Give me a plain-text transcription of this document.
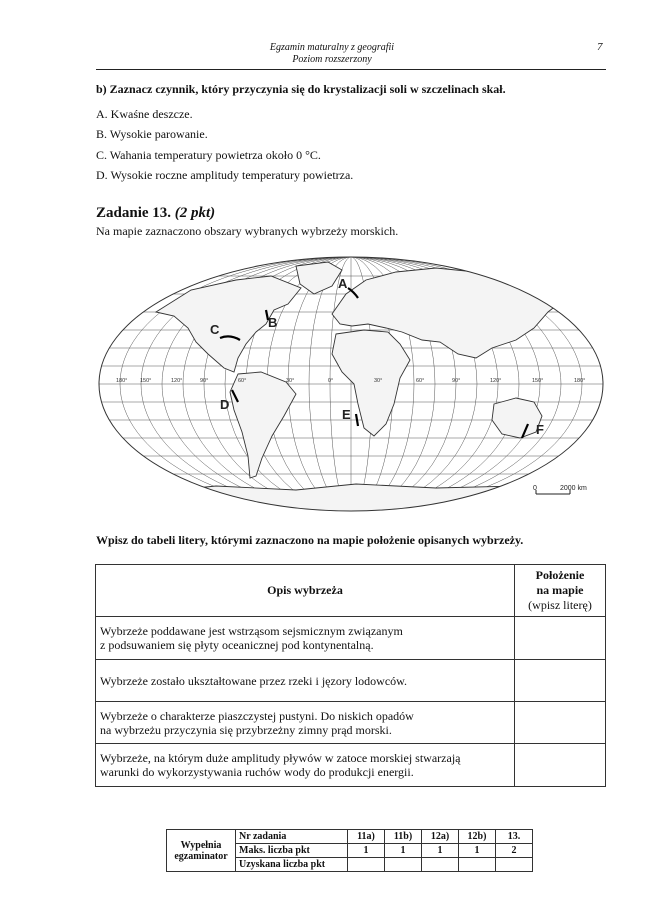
Egzamin maturalny z geografii
Poziom rozszerzony
7
b) Zaznacz czynnik, który przyczynia się do krystalizacji soli w szczelinach skał.
A. Kwaśne deszcze.
B. Wysokie parowanie.
C. Wahania temperatury powietrza około 0 °C.
D. Wysokie roczne amplitudy temperatury powietrza.
Zadanie 13. (2 pkt)
Na mapie zaznaczono obszary wybranych wybrzeży morskich.
180° 150°	120°	90°	60°	30°	0°	30°	60°	90°	120°	150°	180°
A
B
C
D
E
F
0	2000 km
Wpisz do tabeli litery, którymi zaznaczono na mapie położenie opisanych wybrzeży.
Opis wybrzeża	Położenie
na mapie
(wpisz literę)

Wybrzeże poddawane jest wstrząsom sejsmicznym związanym
z podsuwaniem się płyty oceanicznej pod kontynentalną.	

Wybrzeże zostało ukształtowane przez rzeki i jęzory lodowców.	

Wybrzeże o charakterze piaszczystej pustyni. Do niskich opadów
na wybrzeżu przyczynia się przybrzeżny zimny prąd morski.	

Wybrzeże, na którym duże amplitudy pływów w zatoce morskiej stwarzają
warunki do wykorzystywania ruchów wody do produkcji energii.	

Wypełnia
egzaminator	Nr zadania	11a)	11b)	12a)	12b)	13.
	Maks. liczba pkt	1	1	1	1	2
	Uzyskana liczba pkt					
